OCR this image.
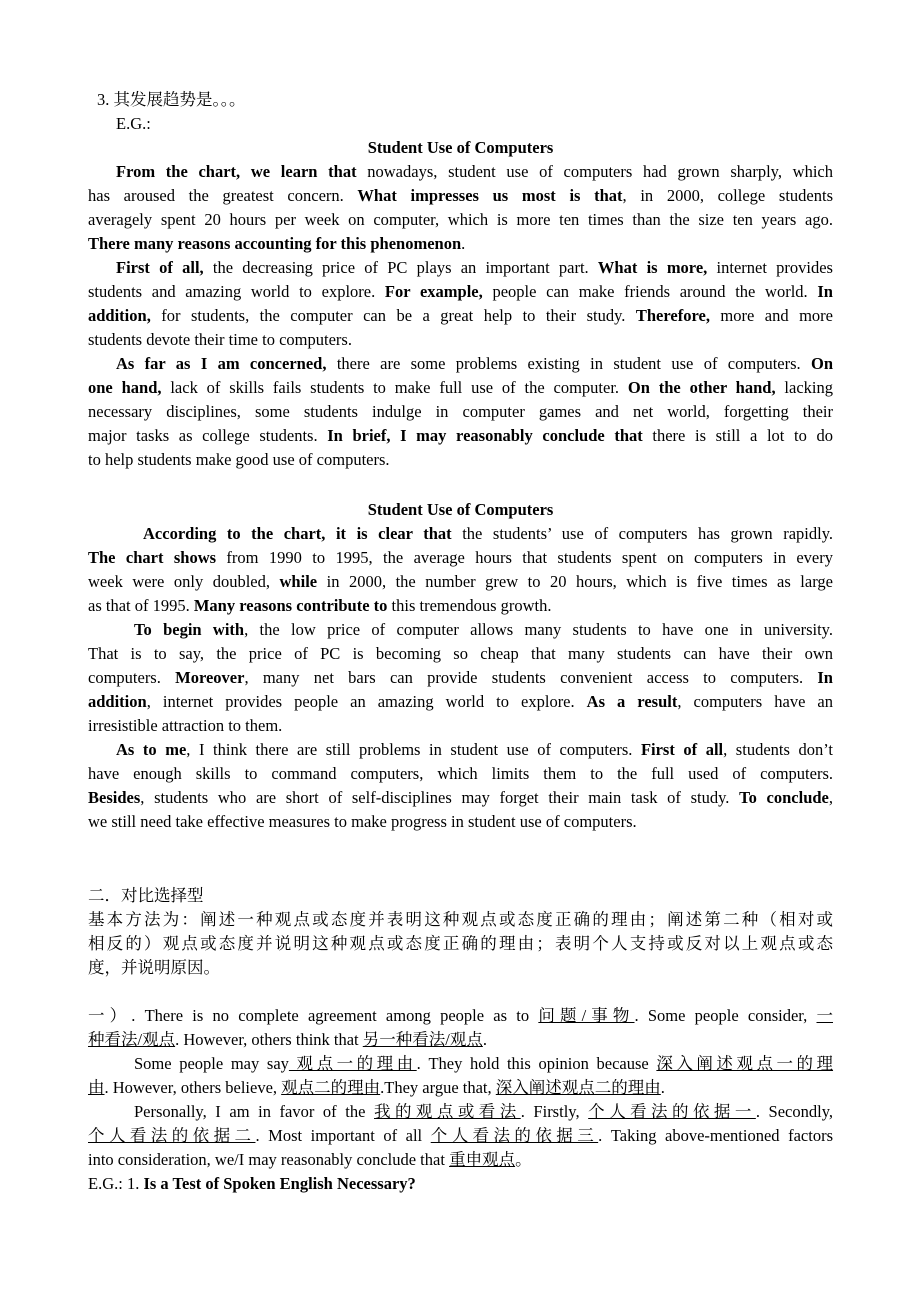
3. 其发展趋势是。。。
E.G.:
Student Use of Computers
From the chart, we learn that nowadays, student use of computers had grown sharply, which
has aroused the greatest concern. What impresses us most is that, in 2000, college students
averagely spent 20 hours per week on computer, which is more ten times than the size ten years ago.
There many reasons accounting for this phenomenon.
First of all, the decreasing price of PC plays an important part. What is more, internet provides
students and amazing world to explore. For example, people can make friends around the world. In
addition, for students, the computer can be a great help to their study. Therefore, more and more
students devote their time to computers.
As far as I am concerned, there are some problems existing in student use of computers. On
one hand, lack of skills fails students to make full use of the computer. On the other hand, lacking
necessary disciplines, some students indulge in computer games and net world, forgetting their
major tasks as college students. In brief, I may reasonably conclude that there is still a lot to do
to help students make good use of computers.
Student Use of Computers
According to the chart, it is clear that the students’ use of computers has grown rapidly.
The chart shows from 1990 to 1995, the average hours that students spent on computers in every
week were only doubled, while in 2000, the number grew to 20 hours, which is five times as large
as that of 1995. Many reasons contribute to this tremendous growth.
To begin with, the low price of computer allows many students to have one in university.
That is to say, the price of PC is becoming so cheap that many students can have their own
computers. Moreover, many net bars can provide students convenient access to computers. In
addition, internet provides people an amazing world to explore. As a result, computers have an
irresistible attraction to them.
As to me, I think there are still problems in student use of computers. First of all, students don’t
have enough skills to command computers, which limits them to the full used of computers.
Besides, students who are short of self-disciplines may forget their main task of study. To conclude,
we still need take effective measures to make progress in student use of computers.
二．对比选择型
基本方法为：阐述一种观点或态度并表明这种观点或态度正确的理由；阐述第二种（相对或
相反的）观点或态度并说明这种观点或态度正确的理由；表明个人支持或反对以上观点或态
度，并说明原因。
一）. There is no complete agreement among people as to 问题/事物. Some people consider, 一
种看法/观点. However, others think that 另一种看法/观点.
Some people may say 观点一的理由. They hold this opinion because 深入阐述观点一的理
由. However, others believe, 观点二的理由.They argue that, 深入阐述观点二的理由.
Personally, I am in favor of the 我的观点或看法. Firstly, 个人看法的依据一. Secondly,
个人看法的依据二. Most important of all 个人看法的依据三. Taking above-mentioned factors
into consideration, we/I may reasonably conclude that 重申观点。
E.G.: 1. Is a Test of Spoken English Necessary?
